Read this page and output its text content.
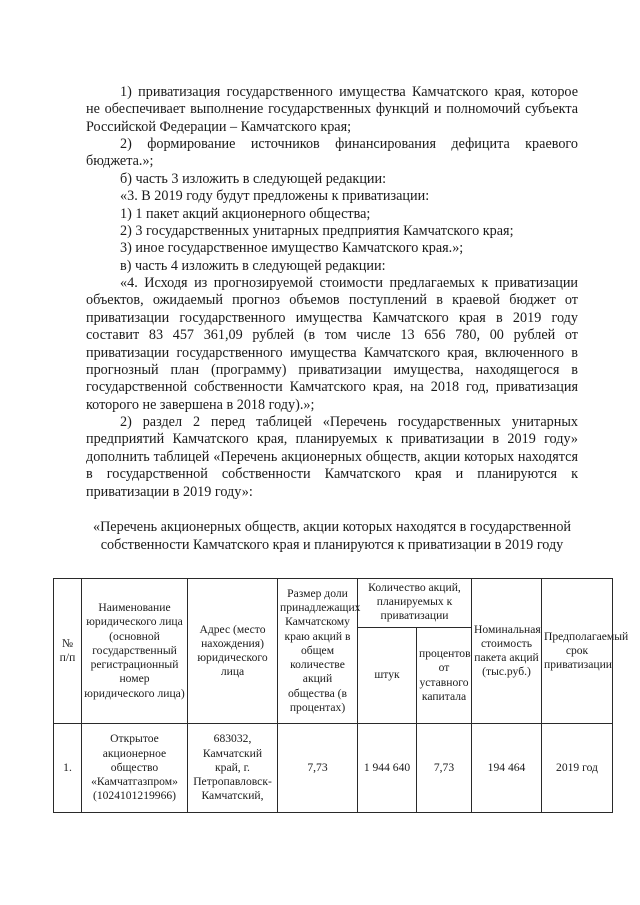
1) приватизация государственного имущества Камчатского края, которое не обеспечивает выполнение государственных функций и полномочий субъекта Российской Федерации – Камчатского края;

2) формирование источников финансирования дефицита краевого бюджета.»;

б) часть 3 изложить в следующей редакции:

«3. В 2019 году будут предложены к приватизации:

1) 1 пакет акций акционерного общества;

2) 3 государственных унитарных предприятия Камчатского края;

3) иное государственное имущество Камчатского края.»;

в) часть 4 изложить в следующей редакции:

«4. Исходя из прогнозируемой стоимости предлагаемых к приватизации объектов, ожидаемый прогноз объемов поступлений в краевой бюджет от приватизации государственного имущества Камчатского края в 2019 году составит 83 457 361,09 рублей (в том числе 13 656 780, 00 рублей от приватизации государственного имущества Камчатского края, включенного в прогнозный план (программу) приватизации имущества, находящегося в государственной собственности Камчатского края, на 2018 год, приватизация которого не завершена в 2018 году).»;

2) раздел 2 перед таблицей «Перечень государственных унитарных предприятий Камчатского края, планируемых к приватизации в 2019 году» дополнить таблицей «Перечень акционерных обществ, акции которых находятся в государственной собственности Камчатского края и планируются к приватизации в 2019 году»:

«Перечень акционерных обществ, акции которых находятся в государственной собственности Камчатского края и планируются к приватизации в 2019 году

№ п/п	Наименование юридического лица (основной государственный регистрационный номер юридического лица)	Адрес (место нахождения) юридического лица	Размер доли принадлежащих Камчатскому краю акций в общем количестве акций общества (в процентах)	Количество акций, планируемых к приватизации		Номинальная стоимость пакета акций (тыс.руб.)	Предполагаемый срок приватизации
				штук	процентов от уставного капитала		
1.	Открытое акционерное общество «Камчатгазпром» (1024101219966)	683032, Камчатский край, г. Петропавловск-Камчатский,	7,73	1 944 640	7,73	194 464	2019 год
